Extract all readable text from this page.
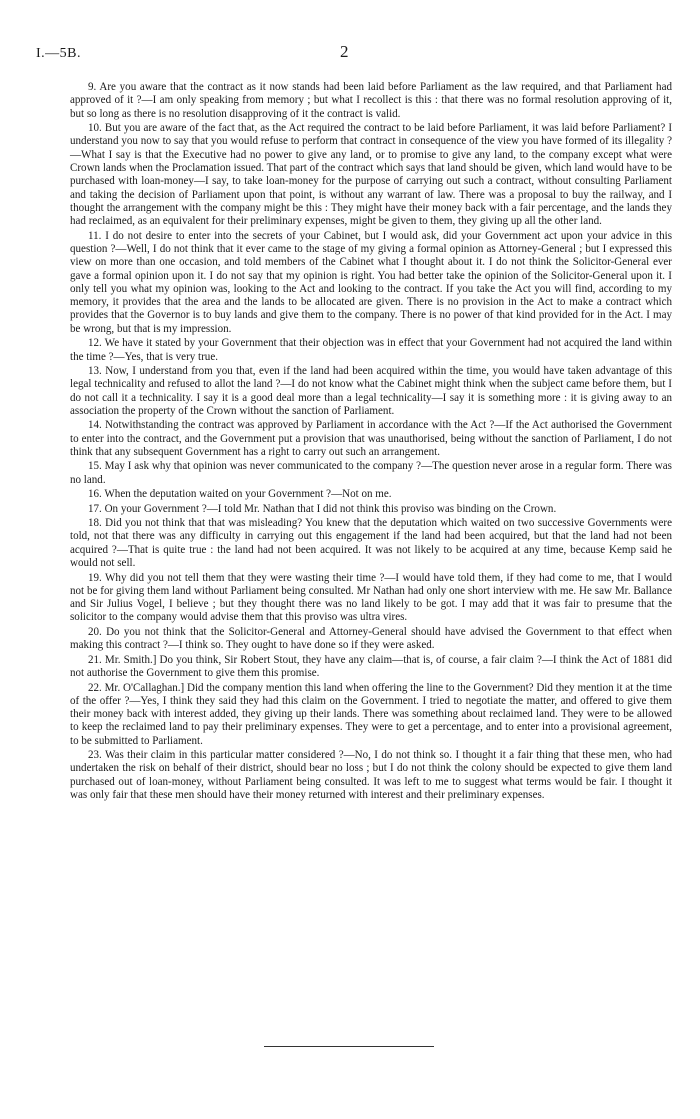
I.—5B.	2

9. Are you aware that the contract as it now stands had been laid before Parliament as the law required, and that Parliament had approved of it ?—I am only speaking from memory ; but what I recollect is this : that there was no formal resolution approving of it, but so long as there is no resolution disapproving of it the contract is valid.

10. But you are aware of the fact that, as the Act required the contract to be laid before Parliament, it was laid before Parliament? I understand you now to say that you would refuse to perform that contract in consequence of the view you have formed of its illegality ?—What I say is that the Executive had no power to give any land, or to promise to give any land, to the company except what were Crown lands when the Proclamation issued. That part of the contract which says that land should be given, which land would have to be purchased with loan-money—I say, to take loan-money for the purpose of carrying out such a contract, without consulting Parliament and taking the decision of Parliament upon that point, is without any warrant of law. There was a proposal to buy the railway, and I thought the arrangement with the company might be this : They might have their money back with a fair percentage, and the lands they had reclaimed, as an equivalent for their preliminary expenses, might be given to them, they giving up all the other land.

11. I do not desire to enter into the secrets of your Cabinet, but I would ask, did your Government act upon your advice in this question ?—Well, I do not think that it ever came to the stage of my giving a formal opinion as Attorney-General ; but I expressed this view on more than one occasion, and told members of the Cabinet what I thought about it. I do not think the Solicitor-General ever gave a formal opinion upon it. I do not say that my opinion is right. You had better take the opinion of the Solicitor-General upon it. I only tell you what my opinion was, looking to the Act and looking to the contract. If you take the Act you will find, according to my memory, it provides that the area and the lands to be allocated are given. There is no provision in the Act to make a contract which provides that the Governor is to buy lands and give them to the company. There is no power of that kind provided for in the Act. I may be wrong, but that is my impression.

12. We have it stated by your Government that their objection was in effect that your Government had not acquired the land within the time ?—Yes, that is very true.

13. Now, I understand from you that, even if the land had been acquired within the time, you would have taken advantage of this legal technicality and refused to allot the land ?—I do not know what the Cabinet might think when the subject came before them, but I do not call it a technicality. I say it is a good deal more than a legal technicality—I say it is something more : it is giving away to an association the property of the Crown without the sanction of Parliament.

14. Notwithstanding the contract was approved by Parliament in accordance with the Act ?—If the Act authorised the Government to enter into the contract, and the Government put a provision that was unauthorised, being without the sanction of Parliament, I do not think that any subsequent Government has a right to carry out such an arrangement.

15. May I ask why that opinion was never communicated to the company ?—The question never arose in a regular form. There was no land.

16. When the deputation waited on your Government ?—Not on me.

17. On your Government ?—I told Mr. Nathan that I did not think this proviso was binding on the Crown.

18. Did you not think that that was misleading? You knew that the deputation which waited on two successive Governments were told, not that there was any difficulty in carrying out this engagement if the land had been acquired, but that the land had not been acquired ?—That is quite true : the land had not been acquired. It was not likely to be acquired at any time, because Kemp said he would not sell.

19. Why did you not tell them that they were wasting their time ?—I would have told them, if they had come to me, that I would not be for giving them land without Parliament being consulted. Mr Nathan had only one short interview with me. He saw Mr. Ballance and Sir Julius Vogel, I believe ; but they thought there was no land likely to be got. I may add that it was fair to presume that the solicitor to the company would advise them that this proviso was ultra vires.

20. Do you not think that the Solicitor-General and Attorney-General should have advised the Government to that effect when making this contract ?—I think so. They ought to have done so if they were asked.

21. Mr. Smith.] Do you think, Sir Robert Stout, they have any claim—that is, of course, a fair claim ?—I think the Act of 1881 did not authorise the Government to give them this promise.

22. Mr. O'Callaghan.] Did the company mention this land when offering the line to the Government? Did they mention it at the time of the offer ?—Yes, I think they said they had this claim on the Government. I tried to negotiate the matter, and offered to give them their money back with interest added, they giving up their lands. There was something about reclaimed land. They were to be allowed to keep the reclaimed land to pay their preliminary expenses. They were to get a percentage, and to enter into a provisional agreement, to be submitted to Parliament.

23. Was their claim in this particular matter considered ?—No, I do not think so. I thought it a fair thing that these men, who had undertaken the risk on behalf of their district, should bear no loss ; but I do not think the colony should be expected to give them land purchased out of loan-money, without Parliament being consulted. It was left to me to suggest what terms would be fair. I thought it was only fair that these men should have their money returned with interest and their preliminary expenses.
